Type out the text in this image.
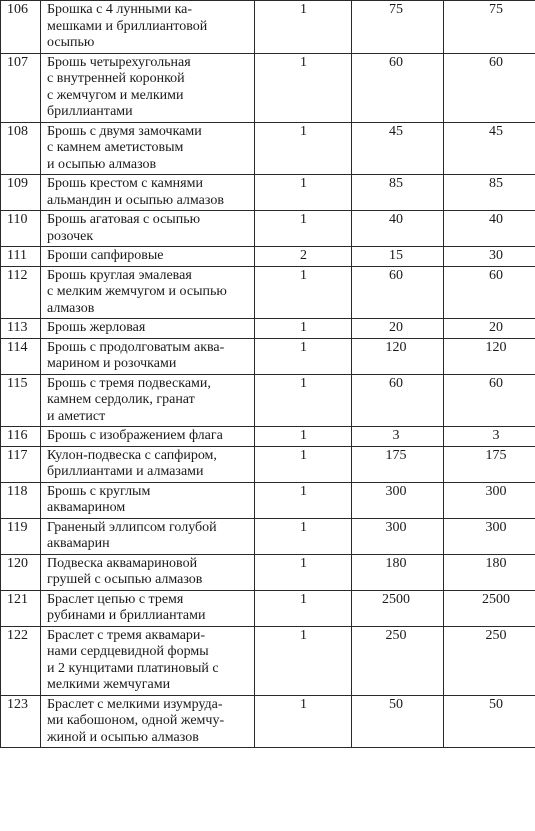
106	Брошка с 4 лунными ка-
мешками и бриллиантовой
осыпью	1	75	75
107	Брошь четырехугольная
с внутренней коронкой
с жемчугом и мелкими
бриллиантами	1	60	60
108	Брошь с двумя замочками
с камнем аметистовым
и осыпью алмазов	1	45	45
109	Брошь крестом с камнями
альмандин и осыпью алмазов	1	85	85
110	Брошь агатовая с осыпью
розочек	1	40	40
111	Броши сапфировые	2	15	30
112	Брошь круглая эмалевая
с мелким жемчугом и осыпью
алмазов	1	60	60
113	Брошь жерловая	1	20	20
114	Брошь с продолговатым аква-
марином и розочками	1	120	120
115	Брошь с тремя подвесками,
камнем сердолик, гранат
и аметист	1	60	60
116	Брошь с изображением флага	1	3	3
117	Кулон-подвеска с сапфиром,
бриллиантами и алмазами	1	175	175
118	Брошь с круглым
аквамарином	1	300	300
119	Граненый эллипсом голубой
аквамарин	1	300	300
120	Подвеска аквамариновой
грушей с осыпью алмазов	1	180	180
121	Браслет цепью с тремя
рубинами и бриллиантами	1	2500	2500
122	Браслет с тремя аквамари-
нами сердцевидной формы
и 2 кунцитами платиновый с
мелкими жемчугами	1	250	250
123	Браслет с мелкими изумруда-
ми кабошоном, одной жемчу-
жиной и осыпью алмазов	1	50	50
